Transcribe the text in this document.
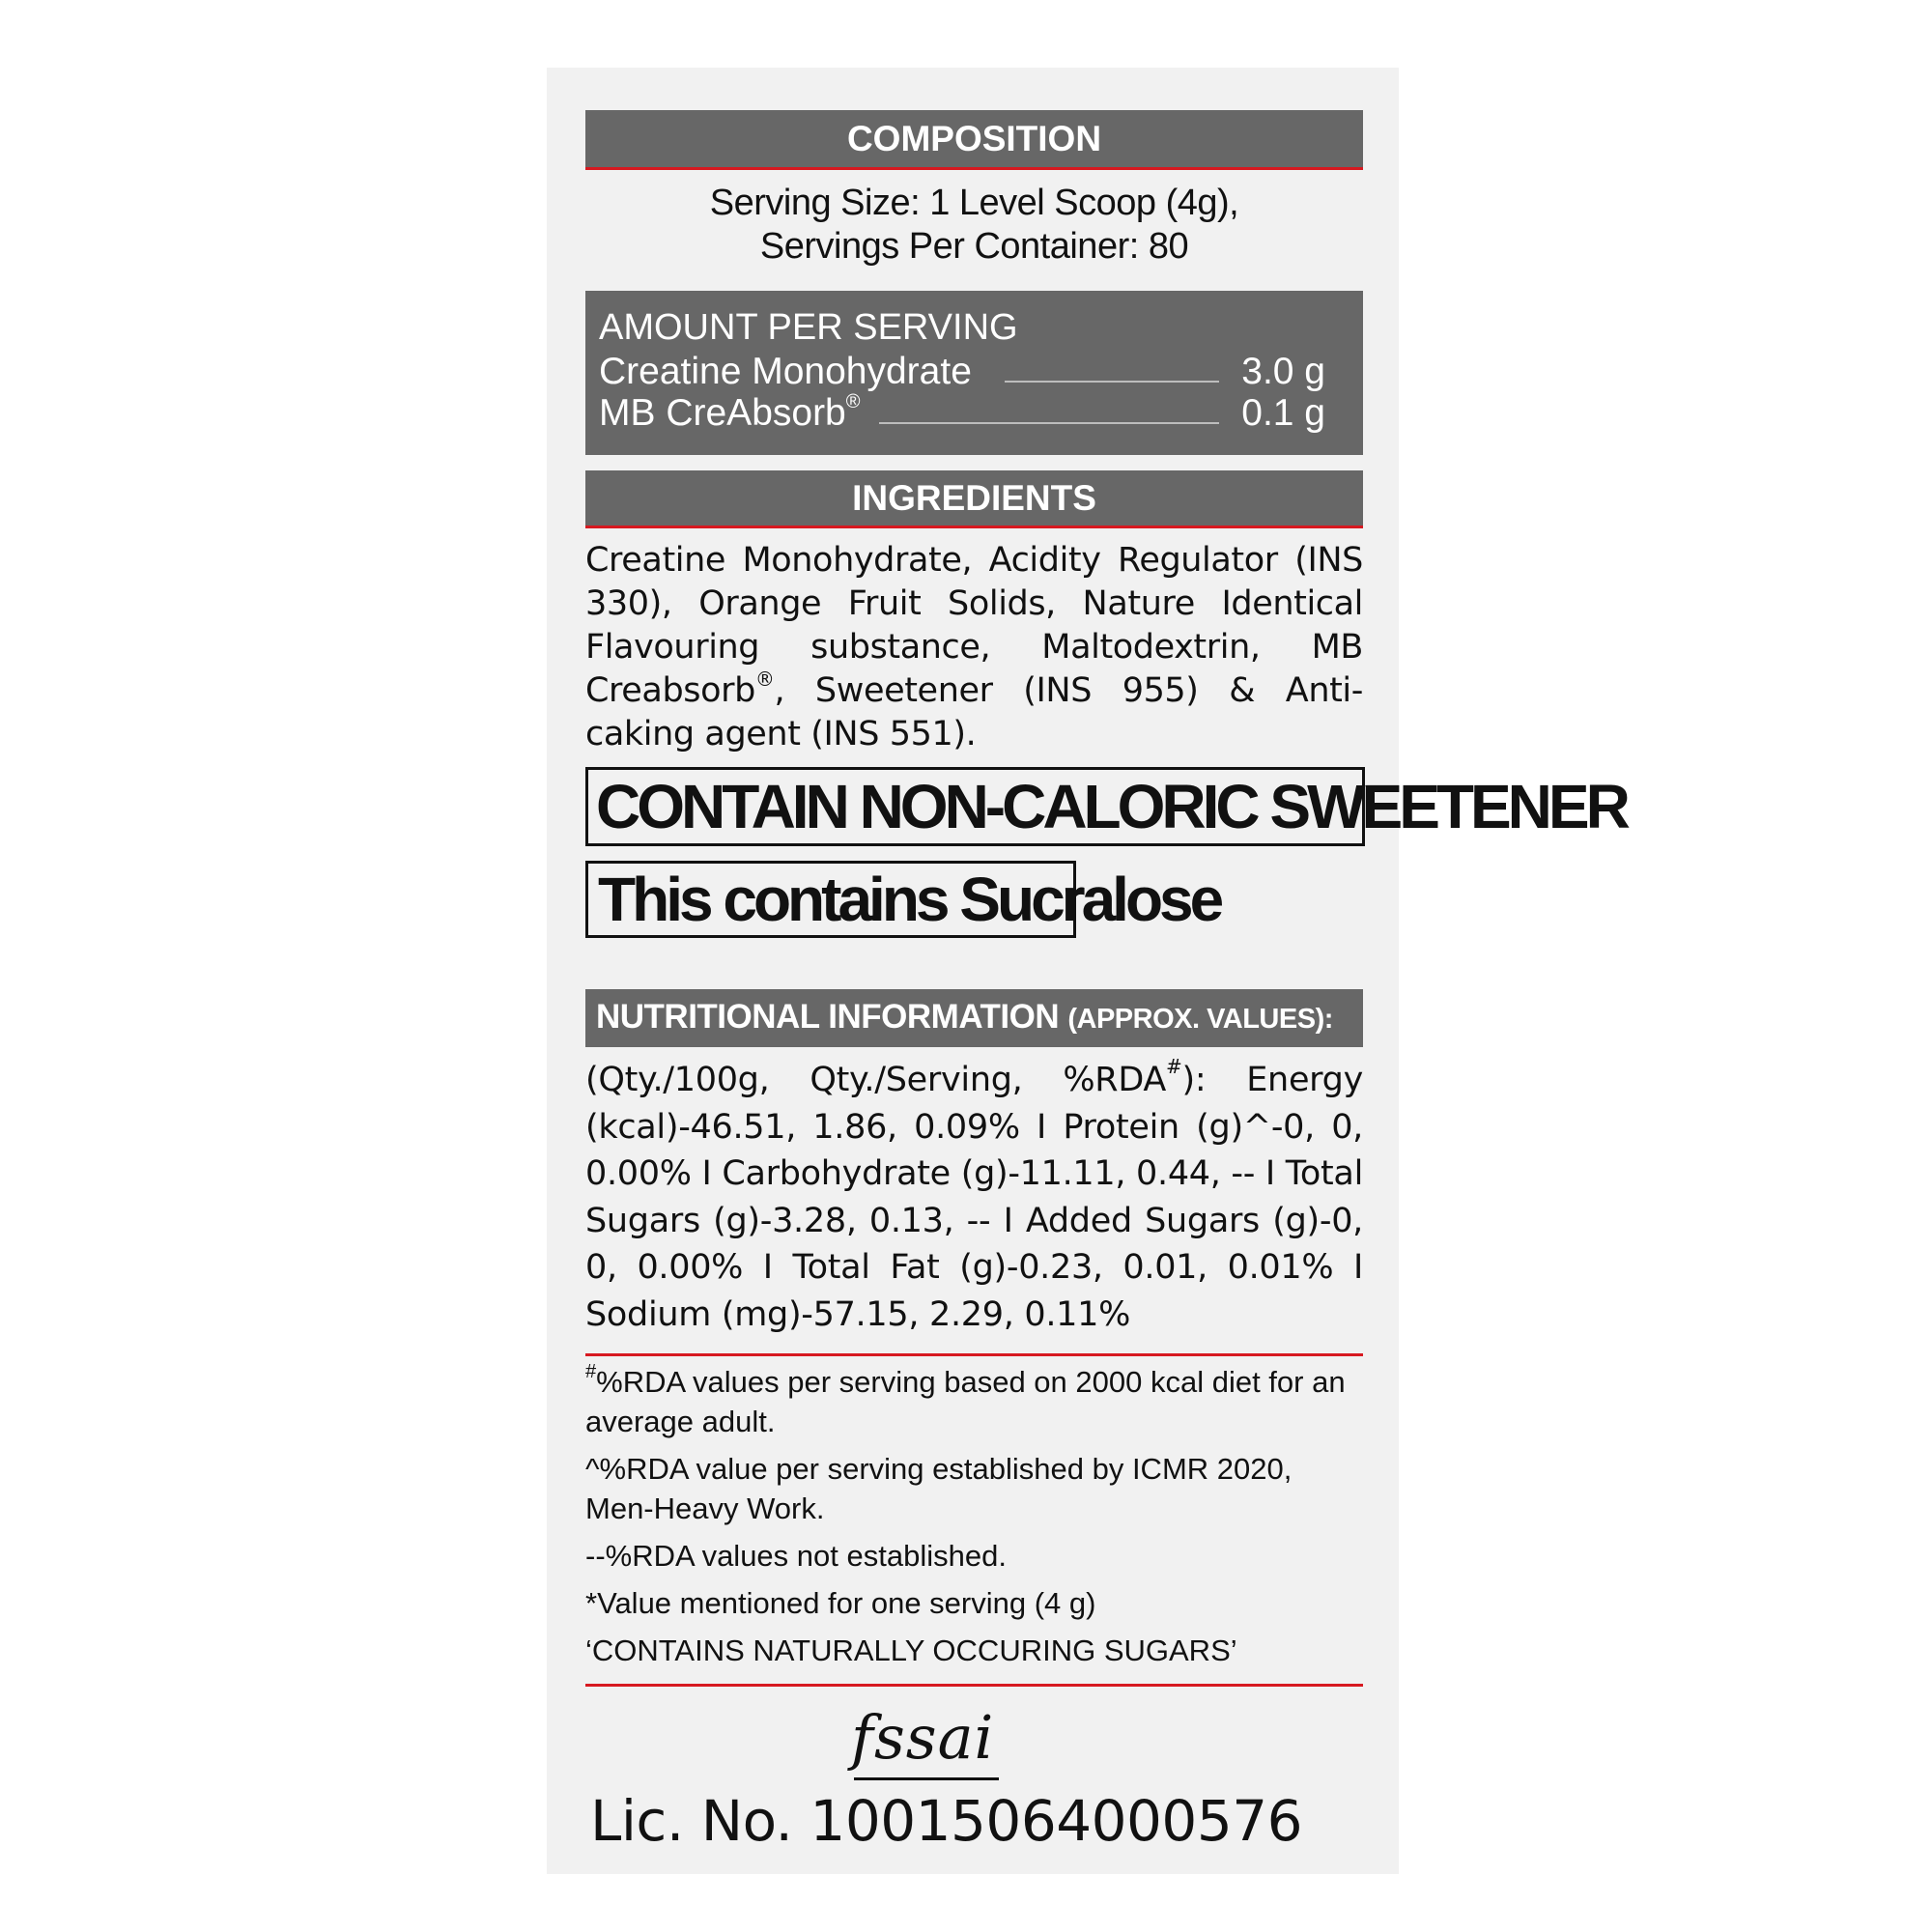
COMPOSITION
Serving Size: 1 Level Scoop (4g),
Servings Per Container: 80
AMOUNT PER SERVING
Creatine Monohydrate	3.0 g
MB CreAbsorb®	0.1 g
INGREDIENTS
Creatine Monohydrate, Acidity Regulator (INS 330), Orange Fruit Solids, Nature Identical Flavouring substance, Maltodextrin, MB Creabsorb®, Sweetener (INS 955) & Anti-caking agent (INS 551).
CONTAIN NON-CALORIC SWEETENER
This contains Sucralose
NUTRITIONAL INFORMATION (APPROX. VALUES):
(Qty./100g, Qty./Serving, %RDA#): Energy (kcal)-46.51, 1.86, 0.09% I Protein (g)^-0, 0, 0.00% I Carbohydrate (g)-11.11, 0.44, -- I Total Sugars (g)-3.28, 0.13, -- I Added Sugars (g)-0, 0, 0.00% I Total Fat (g)-0.23, 0.01, 0.01% I Sodium (mg)-57.15, 2.29, 0.11%

#%RDA values per serving based on 2000 kcal diet for an average adult.

^%RDA value per serving established by ICMR 2020, Men-Heavy Work.

--%RDA values not established.

*Value mentioned for one serving (4 g)

‘CONTAINS NATURALLY OCCURING SUGARS’

fssai
Lic. No. 10015064000576
